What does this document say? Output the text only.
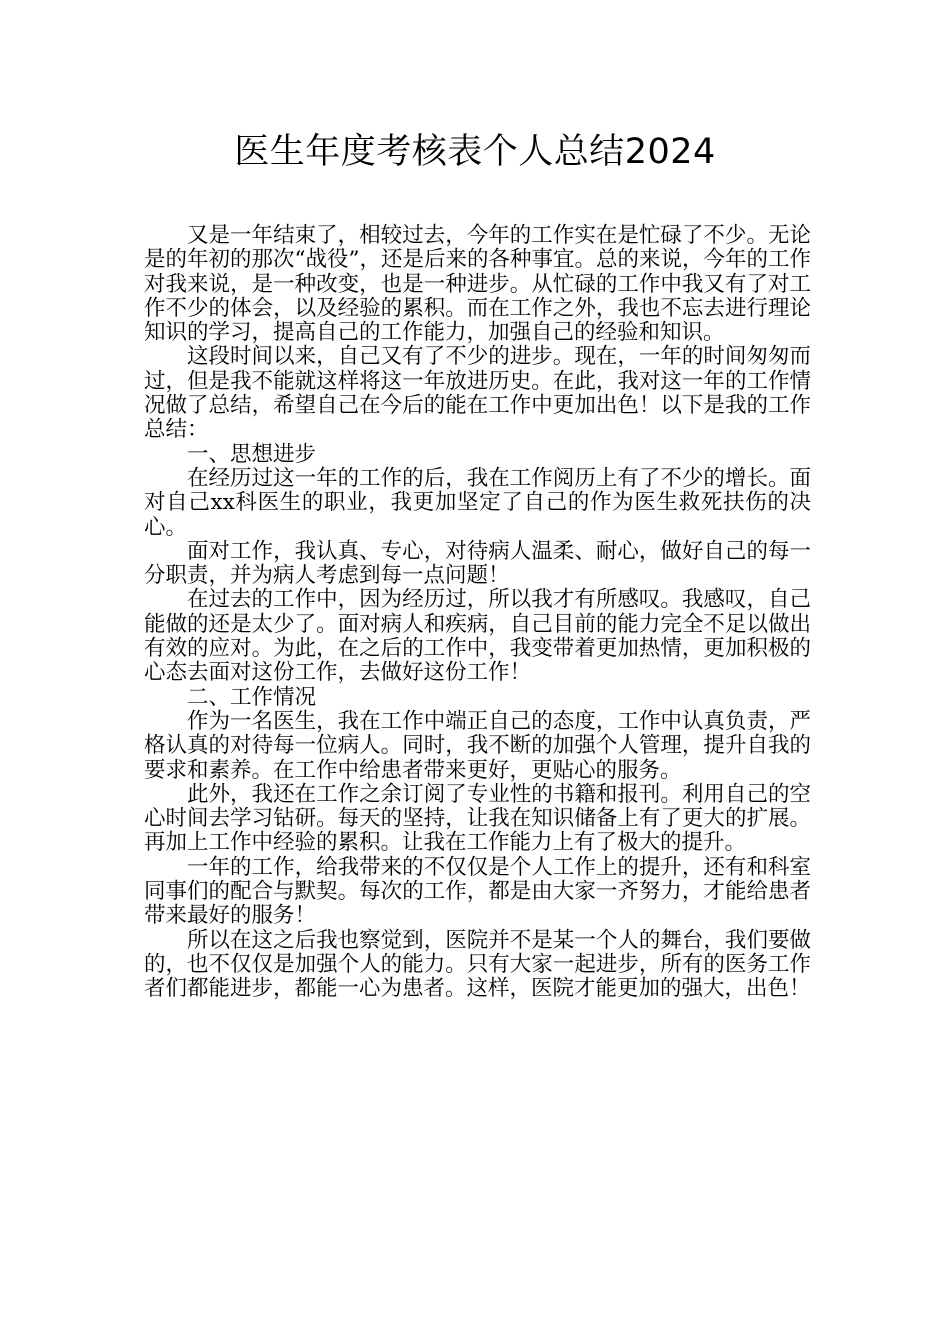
医生年度考核表个人总结2024

又是一年结束了，相较过去，今年的工作实在是忙碌了不少。无论是的年初的那次“战役”，还是后来的各种事宜。总的来说，今年的工作对我来说，是一种改变，也是一种进步。从忙碌的工作中我又有了对工作不少的体会，以及经验的累积。而在工作之外，我也不忘去进行理论知识的学习，提高自己的工作能力，加强自己的经验和知识。

这段时间以来，自己又有了不少的进步。现在，一年的时间匆匆而过，但是我不能就这样将这一年放进历史。在此，我对这一年的工作情况做了总结，希望自己在今后的能在工作中更加出色！以下是我的工作总结：

一、思想进步

在经历过这一年的工作的后，我在工作阅历上有了不少的增长。面对自己xx科医生的职业，我更加坚定了自己的作为医生救死扶伤的决心。

面对工作，我认真、专心，对待病人温柔、耐心，做好自己的每一分职责，并为病人考虑到每一点问题！

在过去的工作中，因为经历过，所以我才有所感叹。我感叹，自己能做的还是太少了。面对病人和疾病，自己目前的能力完全不足以做出有效的应对。为此，在之后的工作中，我变带着更加热情，更加积极的心态去面对这份工作，去做好这份工作！

二、工作情况

作为一名医生，我在工作中端正自己的态度，工作中认真负责，严格认真的对待每一位病人。同时，我不断的加强个人管理，提升自我的要求和素养。在工作中给患者带来更好，更贴心的服务。

此外，我还在工作之余订阅了专业性的书籍和报刊。利用自己的空心时间去学习钻研。每天的坚持，让我在知识储备上有了更大的扩展。再加上工作中经验的累积。让我在工作能力上有了极大的提升。

一年的工作，给我带来的不仅仅是个人工作上的提升，还有和科室同事们的配合与默契。每次的工作，都是由大家一齐努力，才能给患者带来最好的服务！

所以在这之后我也察觉到，医院并不是某一个人的舞台，我们要做的，也不仅仅是加强个人的能力。只有大家一起进步，所有的医务工作者们都能进步，都能一心为患者。这样，医院才能更加的强大，出色！
